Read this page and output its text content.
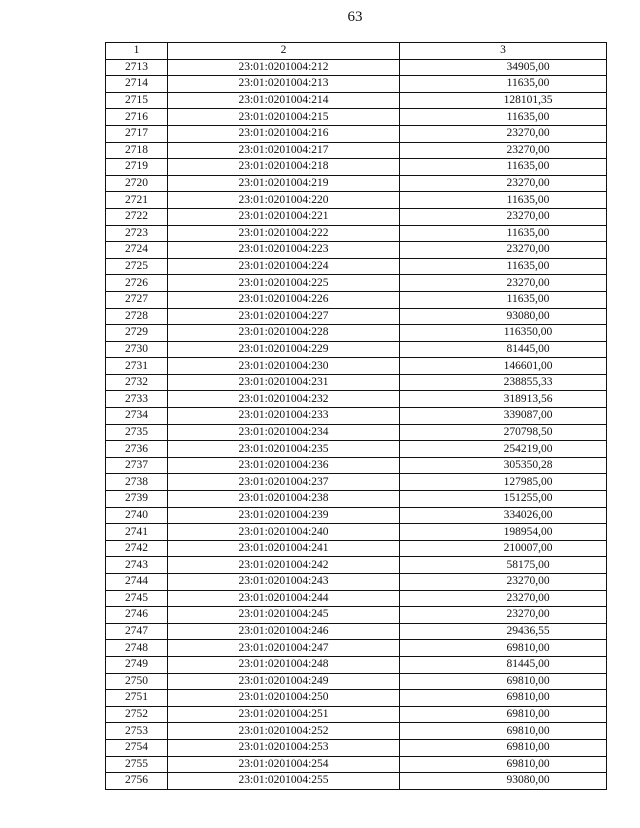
63
1	2	3
2713	23:01:0201004:212	34905,00
2714	23:01:0201004:213	11635,00
2715	23:01:0201004:214	128101,35
2716	23:01:0201004:215	11635,00
2717	23:01:0201004:216	23270,00
2718	23:01:0201004:217	23270,00
2719	23:01:0201004:218	11635,00
2720	23:01:0201004:219	23270,00
2721	23:01:0201004:220	11635,00
2722	23:01:0201004:221	23270,00
2723	23:01:0201004:222	11635,00
2724	23:01:0201004:223	23270,00
2725	23:01:0201004:224	11635,00
2726	23:01:0201004:225	23270,00
2727	23:01:0201004:226	11635,00
2728	23:01:0201004:227	93080,00
2729	23:01:0201004:228	116350,00
2730	23:01:0201004:229	81445,00
2731	23:01:0201004:230	146601,00
2732	23:01:0201004:231	238855,33
2733	23:01:0201004:232	318913,56
2734	23:01:0201004:233	339087,00
2735	23:01:0201004:234	270798,50
2736	23:01:0201004:235	254219,00
2737	23:01:0201004:236	305350,28
2738	23:01:0201004:237	127985,00
2739	23:01:0201004:238	151255,00
2740	23:01:0201004:239	334026,00
2741	23:01:0201004:240	198954,00
2742	23:01:0201004:241	210007,00
2743	23:01:0201004:242	58175,00
2744	23:01:0201004:243	23270,00
2745	23:01:0201004:244	23270,00
2746	23:01:0201004:245	23270,00
2747	23:01:0201004:246	29436,55
2748	23:01:0201004:247	69810,00
2749	23:01:0201004:248	81445,00
2750	23:01:0201004:249	69810,00
2751	23:01:0201004:250	69810,00
2752	23:01:0201004:251	69810,00
2753	23:01:0201004:252	69810,00
2754	23:01:0201004:253	69810,00
2755	23:01:0201004:254	69810,00
2756	23:01:0201004:255	93080,00
